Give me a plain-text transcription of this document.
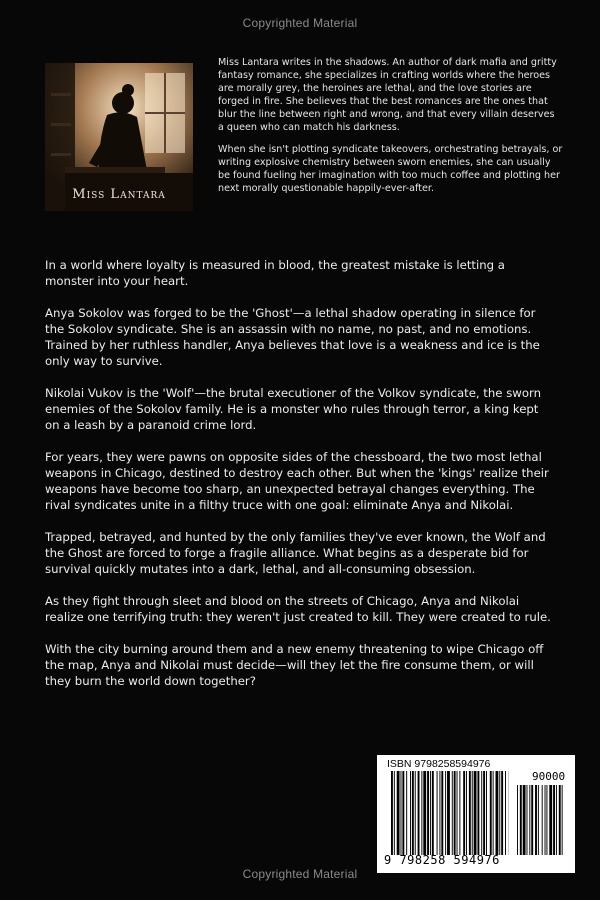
Copyrighted Material
Miss Lantara

Miss Lantara writes in the shadows. An author of dark mafia and gritty fantasy romance, she specializes in crafting worlds where the heroes are morally grey, the heroines are lethal, and the love stories are forged in fire. She believes that the best romances are the ones that blur the line between right and wrong, and that every villain deserves a queen who can match his darkness.

When she isn't plotting syndicate takeovers, orchestrating betrayals, or writing explosive chemistry between sworn enemies, she can usually be found fueling her imagination with too much coffee and plotting her next morally questionable happily-ever-after.

In a world where loyalty is measured in blood, the greatest mistake is letting a monster into your heart.

Anya Sokolov was forged to be the 'Ghost'—a lethal shadow operating in silence for the Sokolov syndicate. She is an assassin with no name, no past, and no emotions. Trained by her ruthless handler, Anya believes that love is a weakness and ice is the only way to survive.

Nikolai Vukov is the 'Wolf'—the brutal executioner of the Volkov syndicate, the sworn enemies of the Sokolov family. He is a monster who rules through terror, a king kept on a leash by a paranoid crime lord.

For years, they were pawns on opposite sides of the chessboard, the two most lethal weapons in Chicago, destined to destroy each other. But when the 'kings' realize their weapons have become too sharp, an unexpected betrayal changes everything. The rival syndicates unite in a filthy truce with one goal: eliminate Anya and Nikolai.

Trapped, betrayed, and hunted by the only families they've ever known, the Wolf and the Ghost are forced to forge a fragile alliance. What begins as a desperate bid for survival quickly mutates into a dark, lethal, and all-consuming obsession.

As they fight through sleet and blood on the streets of Chicago, Anya and Nikolai realize one terrifying truth: they weren't just created to kill. They were created to rule.

With the city burning around them and a new enemy threatening to wipe Chicago off the map, Anya and Nikolai must decide—will they let the fire consume them, or will they burn the world down together?

ISBN 9798258594976
90000
9 798258 594976
Copyrighted Material
